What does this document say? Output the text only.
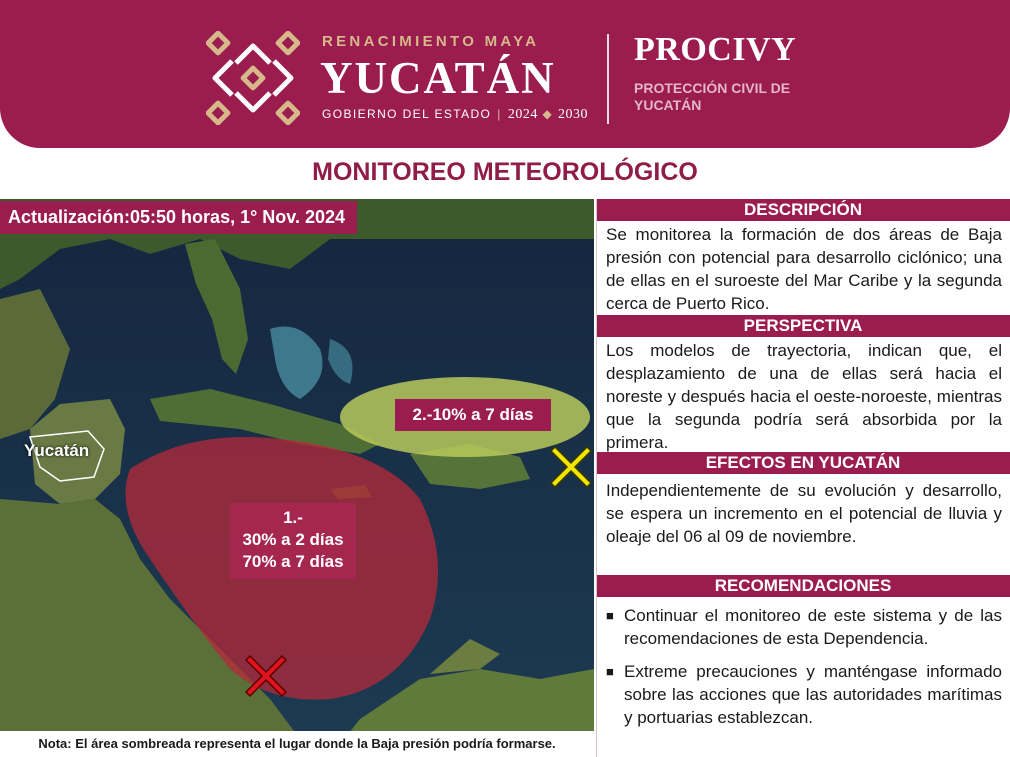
RENACIMIENTO MAYA
YUCATÁN
GOBIERNO DEL ESTADO | 2024 ◆ 2030
PROCIVY
PROTECCIÓN CIVIL DE YUCATÁN
MONITOREO METEOROLÓGICO
Actualización:05:50 horas, 1° Nov. 2024
Yucatán
2.-10% a 7 días
1.-
30% a 2 días
70% a 7 días
Nota: El área sombreada representa el lugar donde la Baja presión podría formarse.
DESCRIPCIÓN
Se monitorea la formación de dos áreas de Baja presión con potencial para desarrollo ciclónico; una de ellas en el suroeste del Mar Caribe y la segunda cerca de Puerto Rico.
PERSPECTIVA
Los modelos de trayectoria, indican que, el desplazamiento de una de ellas será hacia el noreste y después hacia el oeste-noroeste, mientras que la segunda podría será absorbida por la primera.
EFECTOS EN YUCATÁN
Independientemente de su evolución y desarrollo, se espera un incremento en el potencial de lluvia y oleaje del 06 al 09 de noviembre.
RECOMENDACIONES
■ Continuar el monitoreo de este sistema y de las recomendaciones de esta Dependencia.
■ Extreme precauciones y manténgase informado sobre las acciones que las autoridades marítimas y portuarias establezcan.
